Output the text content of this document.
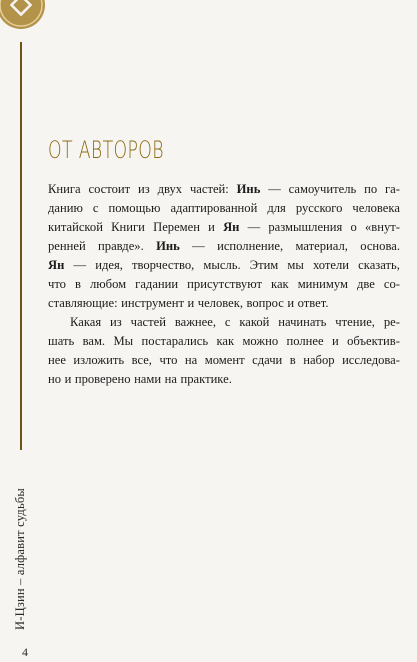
И-Цзин – алфавит судьбы
4
ОТ АВТОРОВ
Книга состоит из двух частей: Инь — самоучитель по га-
данию с помощью адаптированной для русского человека
китайской Книги Перемен и Ян — размышления о «внут-
ренней правде». Инь — исполнение, материал, основа.
Ян — идея, творчество, мысль. Этим мы хотели сказать,
что в любом гадании присутствуют как минимум две со-
ставляющие: инструмент и человек, вопрос и ответ.
Какая из частей важнее, с какой начинать чтение, ре-
шать вам. Мы постарались как можно полнее и объектив-
нее изложить все, что на момент сдачи в набор исследова-
но и проверено нами на практике.
